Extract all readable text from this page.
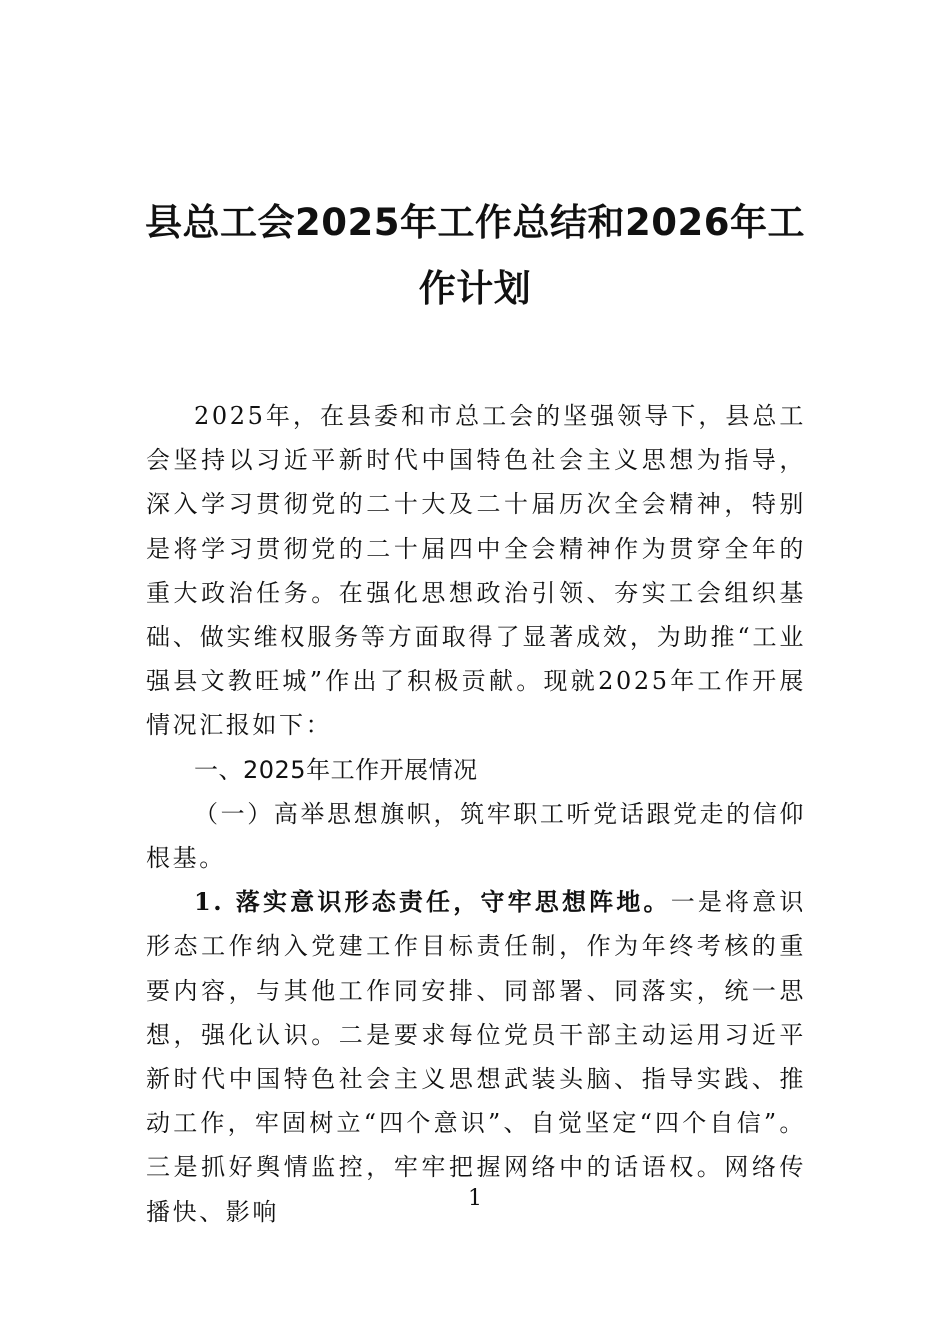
县总工会2025年工作总结和2026年工作计划

2025年，在县委和市总工会的坚强领导下，县总工会坚持以习近平新时代中国特色社会主义思想为指导，深入学习贯彻党的二十大及二十届历次全会精神，特别是将学习贯彻党的二十届四中全会精神作为贯穿全年的重大政治任务。在强化思想政治引领、夯实工会组织基础、做实维权服务等方面取得了显著成效，为助推“工业强县文教旺城”作出了积极贡献。现就2025年工作开展情况汇报如下：

一、2025年工作开展情况

（一）高举思想旗帜，筑牢职工听党话跟党走的信仰根基。

1. 落实意识形态责任，守牢思想阵地。一是将意识形态工作纳入党建工作目标责任制，作为年终考核的重要内容，与其他工作同安排、同部署、同落实，统一思想，强化认识。二是要求每位党员干部主动运用习近平新时代中国特色社会主义思想武装头脑、指导实践、推动工作，牢固树立“四个意识”、自觉坚定“四个自信”。三是抓好舆情监控，牢牢把握网络中的话语权。网络传播快、影响	1
